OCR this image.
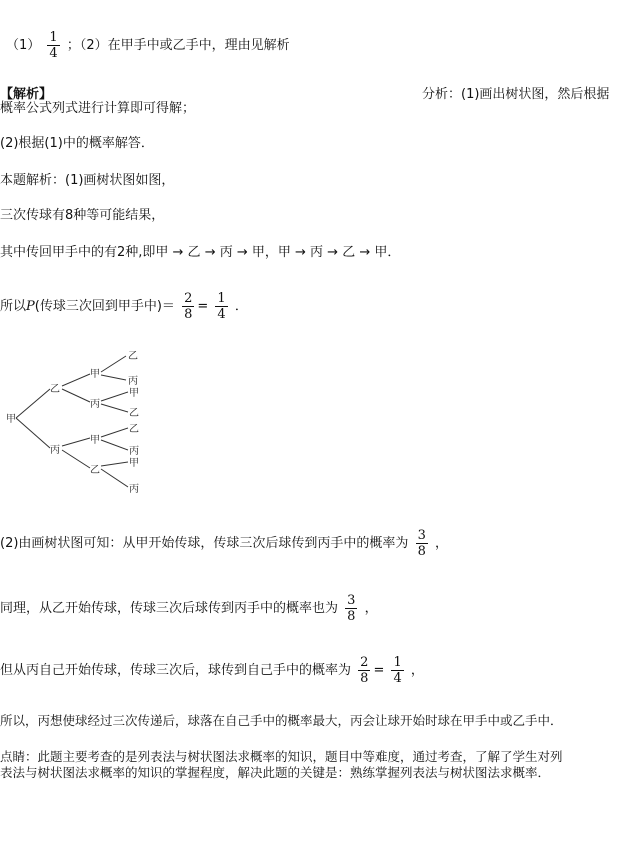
$(1) \frac{1}{4}$ ；（2）在甲手中或乙手中，理由见解析
【解析】	分析：(1)画出树状图，然后根据
概率公式列式进行计算即可得解；
(2)根据(1)中的概率解答．
本题解析：(1)画树状图如图，
三次传球有8种等可能结果，
其中传回甲手中的有2种,即甲 → 乙 → 丙 → 甲，甲 → 丙 → 乙 → 甲．
所以P(传球三次回到甲手中)＝ $\frac{2}{8} = \frac{1}{4}$ ．
甲
乙
丙
甲
丙
甲
乙
乙
丙
甲
乙
乙
丙
甲
丙
(2)由画树状图可知：从甲开始传球，传球三次后球传到丙手中的概率为 $\frac{3}{8}$ ，
同理，从乙开始传球，传球三次后球传到丙手中的概率也为 $\frac{3}{8}$ ，
但从丙自己开始传球，传球三次后，球传到自己手中的概率为 $\frac{2}{8} = \frac{1}{4}$ ，
所以，丙想使球经过三次传递后，球落在自己手中的概率最大，丙会让球开始时球在甲手中或乙手中．
点睛：此题主要考查的是列表法与树状图法求概率的知识，题目中等难度，通过考查，了解了学生对列
表法与树状图法求概率的知识的掌握程度，解决此题的关键是：熟练掌握列表法与树状图法求概率．
